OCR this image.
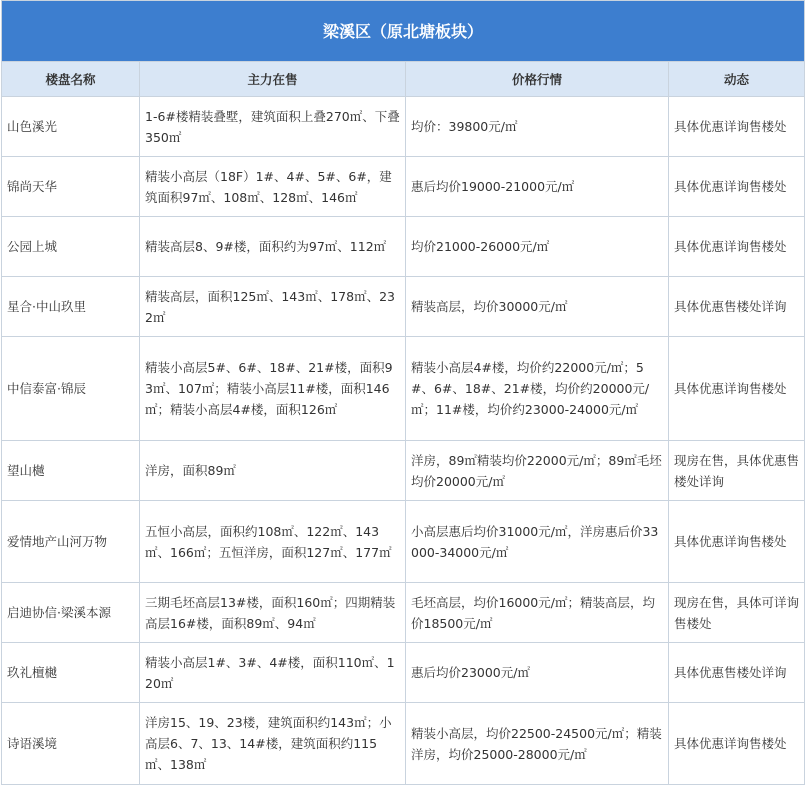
梁溪区（原北塘板块）			
楼盘名称	主力在售	价格行情	动态
山色溪光	1-6#楼精装叠墅，建筑面积上叠270㎡、下叠350㎡	均价：39800元/㎡	具体优惠详询售楼处
锦尚天华	精装小高层（18F）1#、4#、5#、6#，建筑面积97㎡、108㎡、128㎡、146㎡	惠后均价19000-21000元/㎡	具体优惠详询售楼处
公园上城	精装高层8、9#楼，面积约为97㎡、112㎡	均价21000-26000元/㎡	具体优惠详询售楼处
星合·中山玖里	精装高层，面积125㎡、143㎡、178㎡、232㎡	精装高层，均价30000元/㎡	具体优惠售楼处详询
中信泰富·锦辰	精装小高层5#、6#、18#、21#楼，面积93㎡、107㎡；精装小高层11#楼，面积146㎡；精装小高层4#楼，面积126㎡	精装小高层4#楼，均价约22000元/㎡；5#、6#、18#、21#楼，均价约20000元/㎡；11#楼，均价约23000-24000元/㎡	具体优惠详询售楼处
望山樾	洋房，面积89㎡	洋房，89㎡精装均价22000元/㎡；89㎡毛坯均价20000元/㎡	现房在售，具体优惠售楼处详询
爱情地产山河万物	五恒小高层，面积约108㎡、122㎡、143㎡、166㎡；五恒洋房，面积127㎡、177㎡	小高层惠后均价31000元/㎡，洋房惠后价33000-34000元/㎡	具体优惠详询售楼处
启迪协信·梁溪本源	三期毛坯高层13#楼，面积160㎡；四期精装高层16#楼，面积89㎡、94㎡	毛坯高层，均价16000元/㎡；精装高层，均价18500元/㎡	现房在售，具体可详询售楼处
玖礼檀樾	精装小高层1#、3#、4#楼，面积110㎡、120㎡	惠后均价23000元/㎡	具体优惠售楼处详询
诗语溪境	洋房15、19、23楼，建筑面积约143㎡；小高层6、7、13、14#楼，建筑面积约115㎡、138㎡	精装小高层，均价22500-24500元/㎡；精装洋房，均价25000-28000元/㎡	具体优惠详询售楼处
